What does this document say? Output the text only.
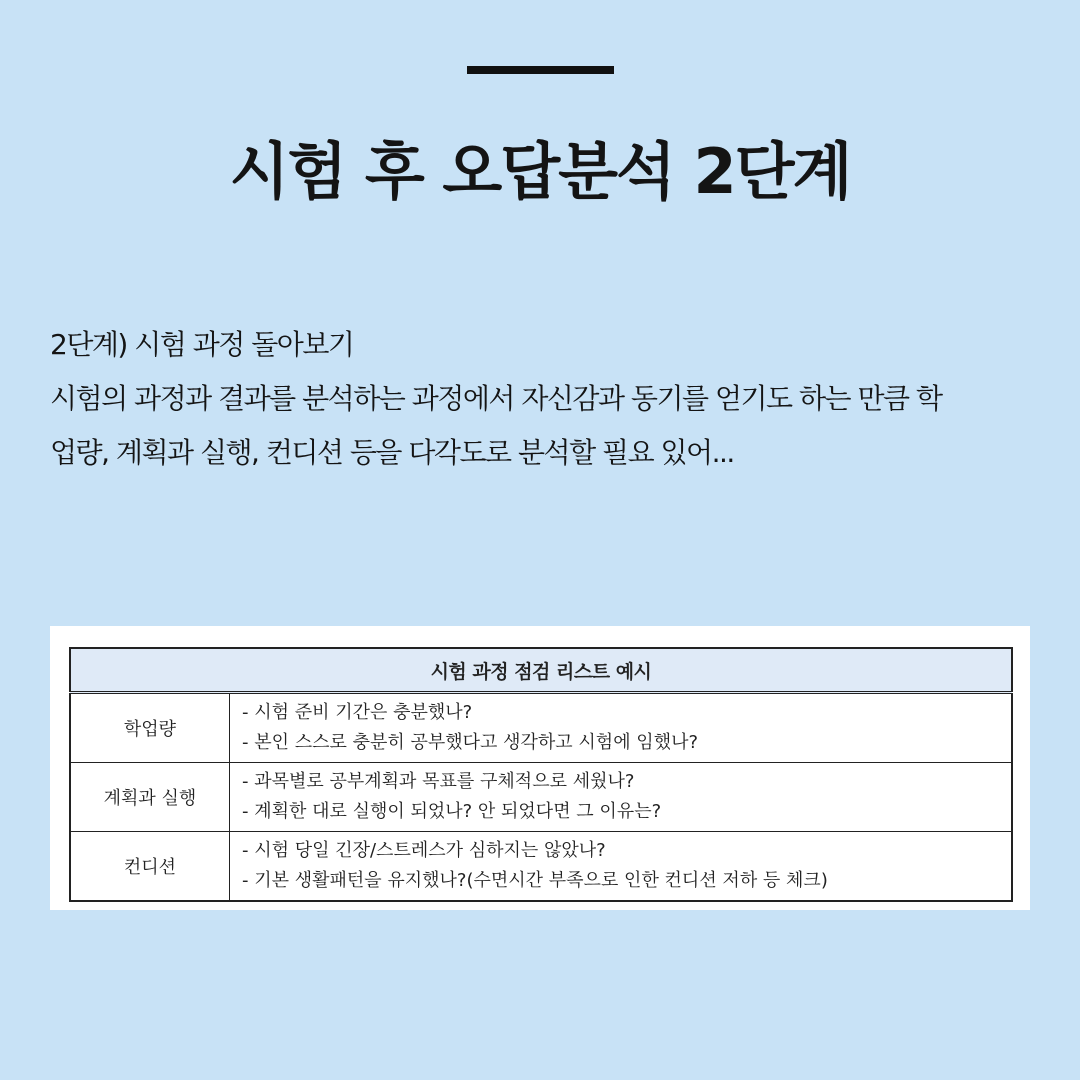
시험 후 오답분석 2단계
2단계) 시험 과정 돌아보기
시험의 과정과 결과를 분석하는 과정에서 자신감과 동기를 얻기도 하는 만큼 학
업량, 계획과 실행, 컨디션 등을 다각도로 분석할 필요 있어...
시험 과정 점검 리스트 예시	
학업량	- 시험 준비 기간은 충분했나?
- 본인 스스로 충분히 공부했다고 생각하고 시험에 임했나?

계획과 실행	- 과목별로 공부계획과 목표를 구체적으로 세웠나?
- 계획한 대로 실행이 되었나? 안 되었다면 그 이유는?

컨디션	- 시험 당일 긴장/스트레스가 심하지는 않았나?
- 기본 생활패턴을 유지했나?(수면시간 부족으로 인한 컨디션 저하 등 체크)
